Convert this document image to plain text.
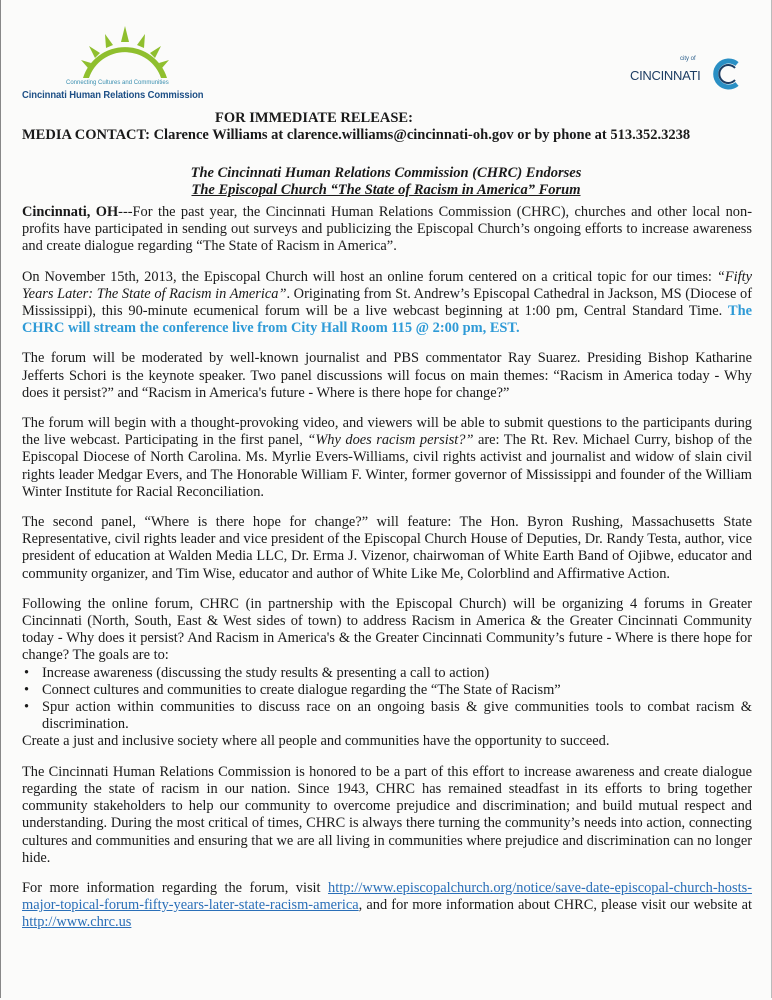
Connecting Cultures and Communities
Cincinnati Human Relations Commission
city of
CINCINNATI
FOR IMMEDIATE RELEASE:
MEDIA CONTACT: Clarence Williams at clarence.williams@cincinnati-oh.gov or by phone at 513.352.3238
The Cincinnati Human Relations Commission (CHRC) Endorses
The Episcopal Church “The State of Racism in America” Forum

Cincinnati, OH---For the past year, the Cincinnati Human Relations Commission (CHRC), churches and other local non-profits have participated in sending out surveys and publicizing the Episcopal Church’s ongoing efforts to increase awareness and create dialogue regarding “The State of Racism in America”.

On November 15th, 2013, the Episcopal Church will host an online forum centered on a critical topic for our times: “Fifty Years Later: The State of Racism in America”. Originating from St. Andrew’s Episcopal Cathedral in Jackson, MS (Diocese of Mississippi), this 90-minute ecumenical forum will be a live webcast beginning at 1:00 pm, Central Standard Time. The CHRC will stream the conference live from City Hall Room 115 @ 2:00 pm, EST.

The forum will be moderated by well-known journalist and PBS commentator Ray Suarez. Presiding Bishop Katharine Jefferts Schori is the keynote speaker. Two panel discussions will focus on main themes: “Racism in America today - Why does it persist?” and “Racism in America's future - Where is there hope for change?”

The forum will begin with a thought-provoking video, and viewers will be able to submit questions to the participants during the live webcast. Participating in the first panel, “Why does racism persist?” are: The Rt. Rev. Michael Curry, bishop of the Episcopal Diocese of North Carolina. Ms. Myrlie Evers-Williams, civil rights activist and journalist and widow of slain civil rights leader Medgar Evers, and The Honorable William F. Winter, former governor of Mississippi and founder of the William Winter Institute for Racial Reconciliation.

The second panel, “Where is there hope for change?” will feature: The Hon. Byron Rushing, Massachusetts State Representative, civil rights leader and vice president of the Episcopal Church House of Deputies, Dr. Randy Testa, author, vice president of education at Walden Media LLC, Dr. Erma J. Vizenor, chairwoman of White Earth Band of Ojibwe, educator and community organizer, and Tim Wise, educator and author of White Like Me, Colorblind and Affirmative Action.

Following the online forum, CHRC (in partnership with the Episcopal Church) will be organizing 4 forums in Greater Cincinnati (North, South, East & West sides of town) to address Racism in America & the Greater Cincinnati Community today - Why does it persist? And Racism in America's & the Greater Cincinnati Community’s future - Where is there hope for change? The goals are to:

• Increase awareness (discussing the study results & presenting a call to action)
• Connect cultures and communities to create dialogue regarding the “The State of Racism”
• Spur action within communities to discuss race on an ongoing basis & give communities tools to combat racism & discrimination.

Create a just and inclusive society where all people and communities have the opportunity to succeed.

The Cincinnati Human Relations Commission is honored to be a part of this effort to increase awareness and create dialogue regarding the state of racism in our nation. Since 1943, CHRC has remained steadfast in its efforts to bring together community stakeholders to help our community to overcome prejudice and discrimination; and build mutual respect and understanding. During the most critical of times, CHRC is always there turning the community’s needs into action, connecting cultures and communities and ensuring that we are all living in communities where prejudice and discrimination can no longer hide.

For more information regarding the forum, visit http://www.episcopalchurch.org/notice/save-date-episcopal-church-hosts-major-topical-forum-fifty-years-later-state-racism-america, and for more information about CHRC, please visit our website at http://www.chrc.us
